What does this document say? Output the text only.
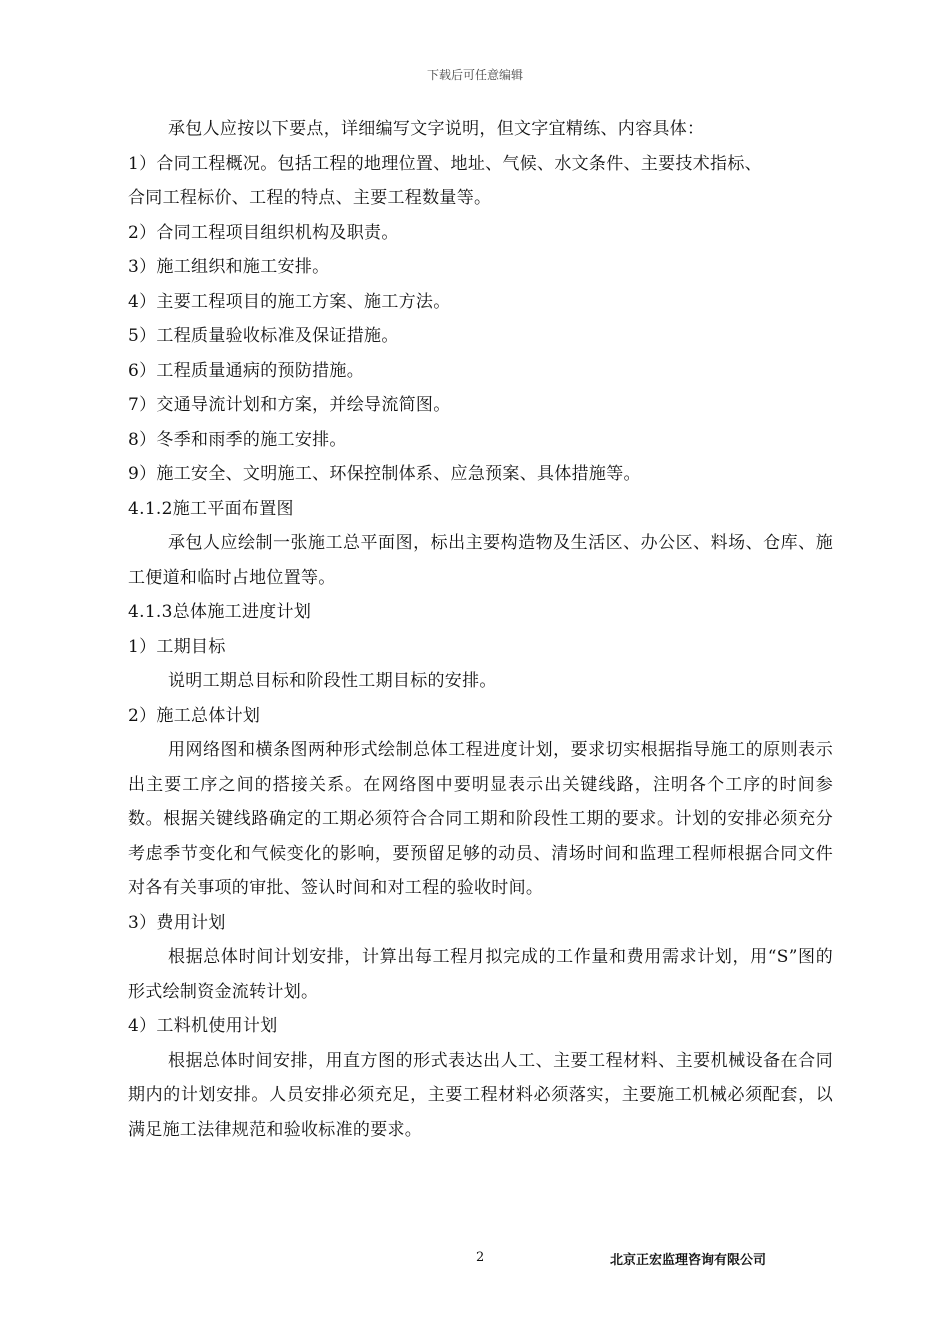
下载后可任意编辑
承包人应按以下要点，详细编写文字说明，但文字宜精练、内容具体：
1）合同工程概况。包括工程的地理位置、地址、气候、水文条件、主要技术指标、
合同工程标价、工程的特点、主要工程数量等。
2）合同工程项目组织机构及职责。
3）施工组织和施工安排。
4）主要工程项目的施工方案、施工方法。
5）工程质量验收标准及保证措施。
6）工程质量通病的预防措施。
7）交通导流计划和方案，并绘导流简图。
8）冬季和雨季的施工安排。
9）施工安全、文明施工、环保控制体系、应急预案、具体措施等。
4.1.2施工平面布置图
承包人应绘制一张施工总平面图，标出主要构造物及生活区、办公区、料场、仓库、施工便道和临时占地位置等。
4.1.3总体施工进度计划
1）工期目标
说明工期总目标和阶段性工期目标的安排。
2）施工总体计划
用网络图和横条图两种形式绘制总体工程进度计划，要求切实根据指导施工的原则表示出主要工序之间的搭接关系。在网络图中要明显表示出关键线路，注明各个工序的时间参数。根据关键线路确定的工期必须符合合同工期和阶段性工期的要求。计划的安排必须充分考虑季节变化和气候变化的影响，要预留足够的动员、清场时间和监理工程师根据合同文件对各有关事项的审批、签认时间和对工程的验收时间。
3）费用计划
根据总体时间计划安排，计算出每工程月拟完成的工作量和费用需求计划，用“S”图的形式绘制资金流转计划。
4）工料机使用计划
根据总体时间安排，用直方图的形式表达出人工、主要工程材料、主要机械设备在合同期内的计划安排。人员安排必须充足，主要工程材料必须落实，主要施工机械必须配套，以满足施工法律规范和验收标准的要求。
2	北京正宏监理咨询有限公司
